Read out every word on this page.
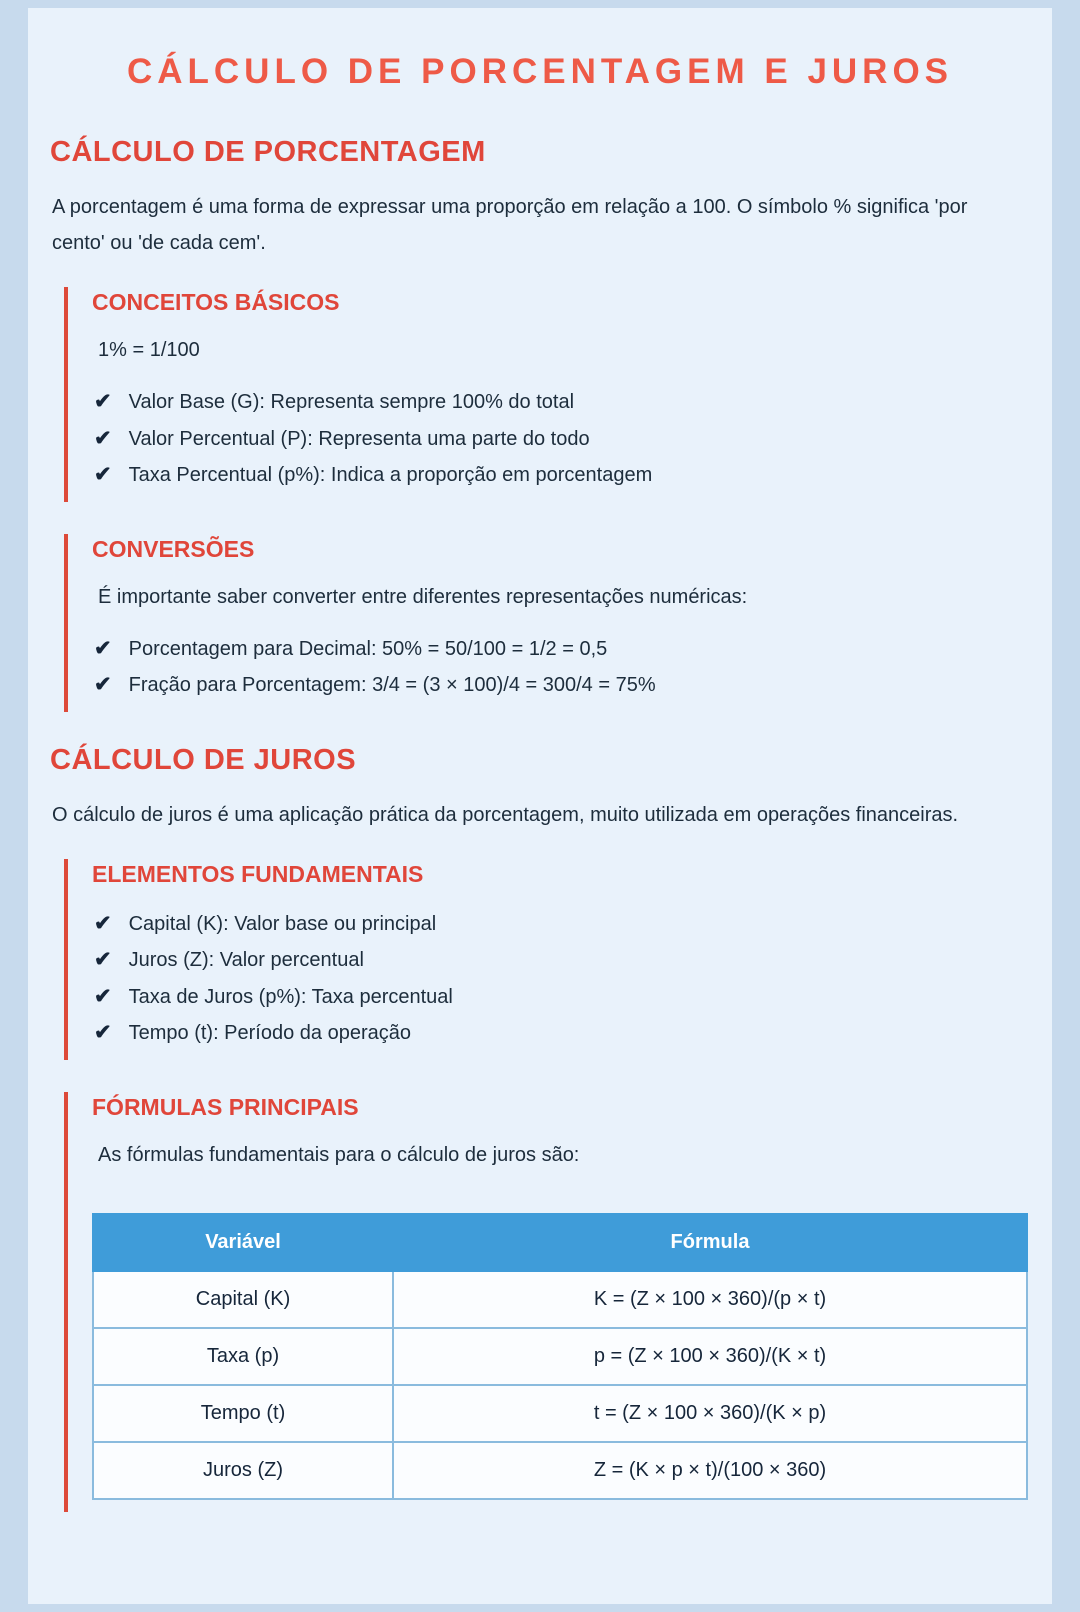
CÁLCULO DE PORCENTAGEM E JUROS
CÁLCULO DE PORCENTAGEM

A porcentagem é uma forma de expressar uma proporção em relação a 100. O símbolo % significa 'por cento' ou 'de cada cem'.

CONCEITOS BÁSICOS

1% = 1/100

✔ Valor Base (G): Representa sempre 100% do total
✔ Valor Percentual (P): Representa uma parte do todo
✔ Taxa Percentual (p%): Indica a proporção em porcentagem
CONVERSÕES

É importante saber converter entre diferentes representações numéricas:

✔ Porcentagem para Decimal: 50% = 50/100 = 1/2 = 0,5
✔ Fração para Porcentagem: 3/4 = (3 × 100)/4 = 300/4 = 75%
CÁLCULO DE JUROS

O cálculo de juros é uma aplicação prática da porcentagem, muito utilizada em operações financeiras.

ELEMENTOS FUNDAMENTAIS
✔ Capital (K): Valor base ou principal
✔ Juros (Z): Valor percentual
✔ Taxa de Juros (p%): Taxa percentual
✔ Tempo (t): Período da operação
FÓRMULAS PRINCIPAIS

As fórmulas fundamentais para o cálculo de juros são:

Variável	Fórmula
Capital (K)	K = (Z × 100 × 360)/(p × t)
Taxa (p)	p = (Z × 100 × 360)/(K × t)
Tempo (t)	t = (Z × 100 × 360)/(K × p)
Juros (Z)	Z = (K × p × t)/(100 × 360)
